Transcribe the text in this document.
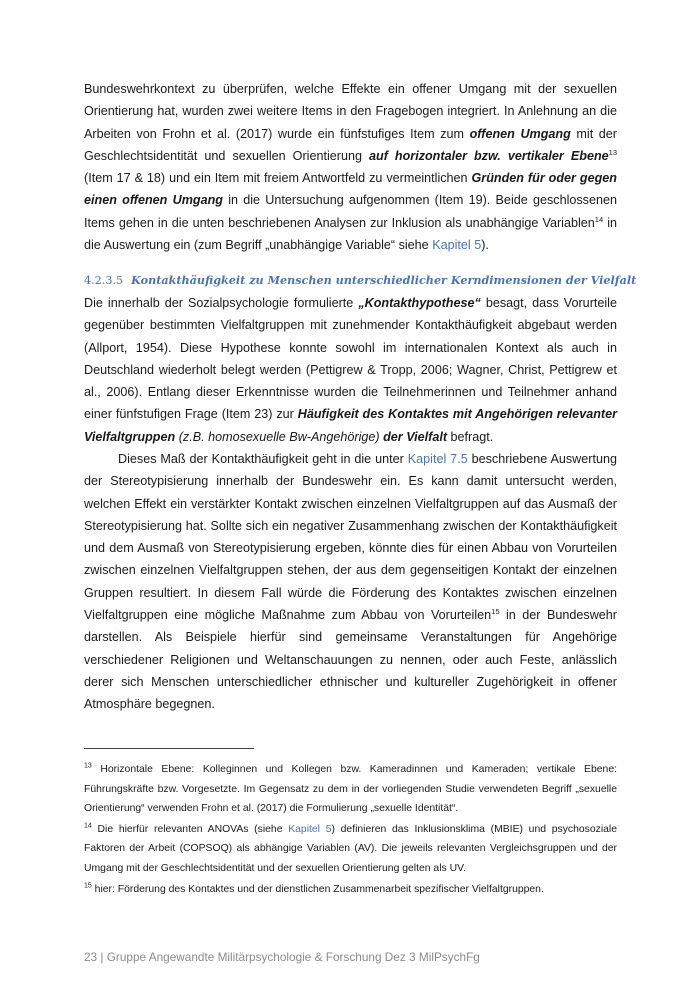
Bundeswehrkontext zu überprüfen, welche Effekte ein offener Umgang mit der sexuellen Orientierung hat, wurden zwei weitere Items in den Fragebogen integriert. In Anlehnung an die Arbeiten von Frohn et al. (2017) wurde ein fünfstufiges Item zum offenen Umgang mit der Geschlechtsidentität und sexuellen Orientierung auf horizontaler bzw. vertikaler Ebene$^{13}$ (Item 17 & 18) und ein Item mit freiem Antwortfeld zu vermeintlichen Gründen für oder gegen einen offenen Umgang in die Untersuchung aufgenommen (Item 19). Beide geschlossenen Items gehen in die unten beschriebenen Analysen zur Inklusion als unabhängige Variablen$^{14}$ in die Auswertung ein (zum Begriff „unabhängige Variable“ siehe Kapitel 5).

4.2.3.5 Kontakthäufigkeit zu Menschen unterschiedlicher Kerndimensionen der Vielfalt

Die innerhalb der Sozialpsychologie formulierte „Kontakthypothese“ besagt, dass Vorurteile gegenüber bestimmten Vielfaltgruppen mit zunehmender Kontakthäufigkeit abgebaut werden (Allport, 1954). Diese Hypothese konnte sowohl im internationalen Kontext als auch in Deutschland wiederholt belegt werden (Pettigrew & Tropp, 2006; Wagner, Christ, Pettigrew et al., 2006). Entlang dieser Erkenntnisse wurden die Teilnehmerinnen und Teilnehmer anhand einer fünfstufigen Frage (Item 23) zur Häufigkeit des Kontaktes mit Angehörigen relevanter Vielfaltgruppen (z.B. homosexuelle Bw-Angehörige) der Vielfalt befragt.

Dieses Maß der Kontakthäufigkeit geht in die unter Kapitel 7.5 beschriebene Auswertung der Stereotypisierung innerhalb der Bundeswehr ein. Es kann damit untersucht werden, welchen Effekt ein verstärkter Kontakt zwischen einzelnen Vielfaltgruppen auf das Ausmaß der Stereotypisierung hat. Sollte sich ein negativer Zusammenhang zwischen der Kontakthäufigkeit und dem Ausmaß von Stereotypisierung ergeben, könnte dies für einen Abbau von Vorurteilen zwischen einzelnen Vielfaltgruppen stehen, der aus dem gegenseitigen Kontakt der einzelnen Gruppen resultiert. In diesem Fall würde die Förderung des Kontaktes zwischen einzelnen Vielfaltgruppen eine mögliche Maßnahme zum Abbau von Vorurteilen$^{15}$ in der Bundeswehr darstellen. Als Beispiele hierfür sind gemeinsame Veranstaltungen für Angehörige verschiedener Religionen und Weltanschauungen zu nennen, oder auch Feste, anlässlich derer sich Menschen unterschiedlicher ethnischer und kultureller Zugehörigkeit in offener Atmosphäre begegnen.

$^{13}$ Horizontale Ebene: Kolleginnen und Kollegen bzw. Kameradinnen und Kameraden; vertikale Ebene: Führungskräfte bzw. Vorgesetzte. Im Gegensatz zu dem in der vorliegenden Studie verwendeten Begriff „sexuelle Orientierung“ verwenden Frohn et al. (2017) die Formulierung „sexuelle Identität“.

$^{14}$ Die hierfür relevanten ANOVAs (siehe Kapitel 5) definieren das Inklusionsklima (MBIE) und psychosoziale Faktoren der Arbeit (COPSOQ) als abhängige Variablen (AV). Die jeweils relevanten Vergleichsgruppen und der Umgang mit der Geschlechtsidentität und der sexuellen Orientierung gelten als UV.

$^{15}$ hier: Förderung des Kontaktes und der dienstlichen Zusammenarbeit spezifischer Vielfaltgruppen.

23 | Gruppe Angewandte Militärpsychologie & Forschung Dez 3 MilPsychFg
